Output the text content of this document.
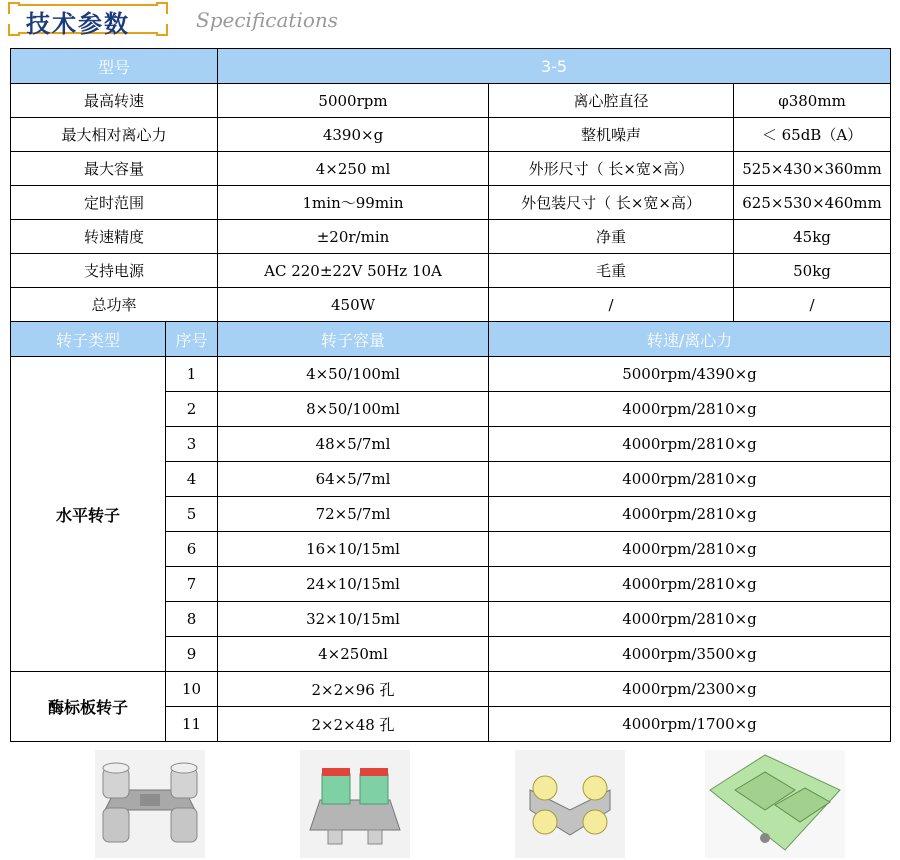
技术参数	Specifications
型号		3-5		
最高转速		5000rpm	离心腔直径	φ380mm
最大相对离心力		4390×g	整机噪声	＜ 65dB（A）
最大容量		4×250 ml	外形尺寸（ 长×宽×高）	525×430×360mm
定时范围		1min～99min	外包装尺寸（ 长×宽×高）	625×530×460mm
转速精度		±20r/min	净重	45kg
支持电源		AC 220±22V 50Hz 10A	毛重	50kg
总功率		450W	/	/
转子类型	序号	转子容量	转速/离心力	
水平转子	1	4×50/100ml	5000rpm/4390×g	
	2	8×50/100ml	4000rpm/2810×g	
	3	48×5/7ml	4000rpm/2810×g	
	4	64×5/7ml	4000rpm/2810×g	
	5	72×5/7ml	4000rpm/2810×g	
	6	16×10/15ml	4000rpm/2810×g	
	7	24×10/15ml	4000rpm/2810×g	
	8	32×10/15ml	4000rpm/2810×g	
	9	4×250ml	4000rpm/3500×g	
酶标板转子	10	2×2×96 孔	4000rpm/2300×g	
	11	2×2×48 孔	4000rpm/1700×g	
